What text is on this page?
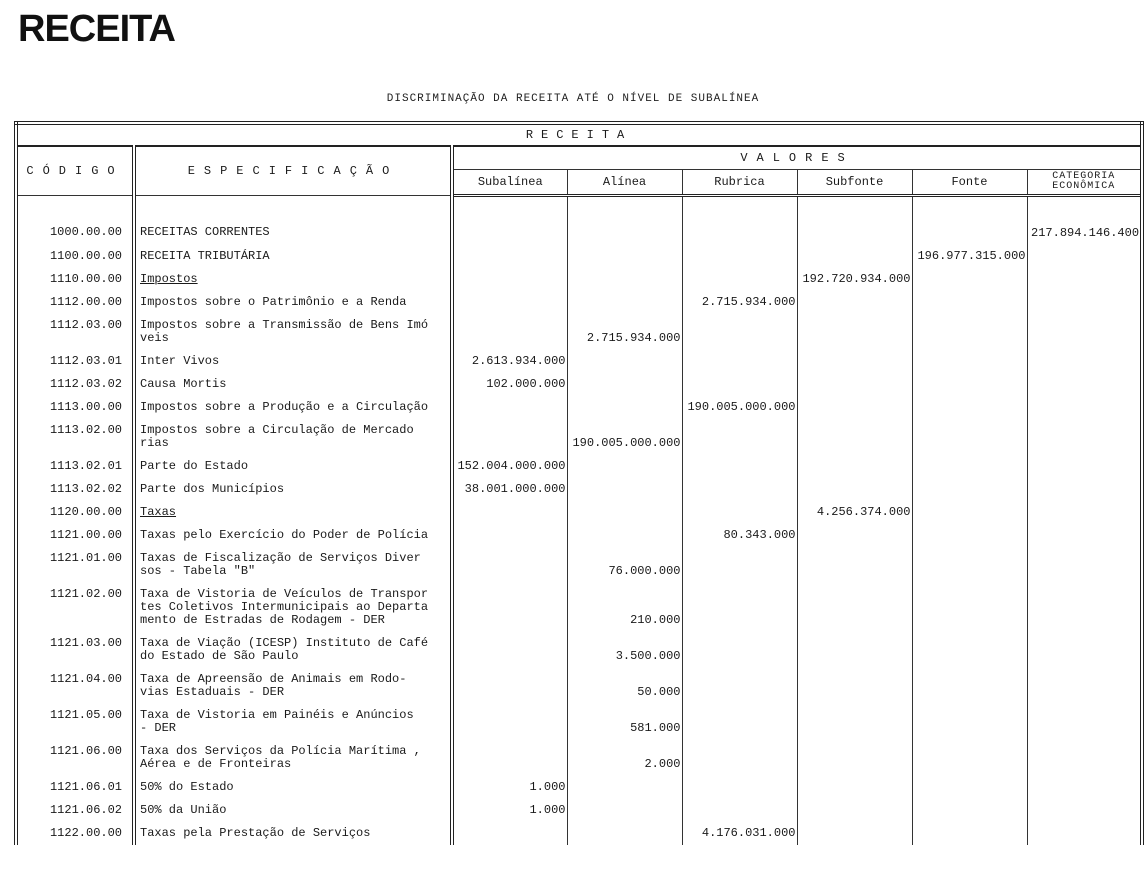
RECEITA
DISCRIMINAÇÃO DA RECEITA ATÉ O NÍVEL DE SUBALÍNEA
RECEITA							
CÓDIGO	ESPECIFICAÇÃO	VALORES					
		Subalínea	Alínea	Rubrica	Subfonte	Fonte	CATEGORIA ECONÔMICA
1000.00.00	RECEITAS CORRENTES						217.894.146.400
1100.00.00	RECEITA TRIBUTÁRIA					196.977.315.000	
1110.00.00	Impostos				192.720.934.000		
1112.00.00	Impostos sobre o Patrimônio e a Renda			2.715.934.000			
1112.03.00	Impostos sobre a Transmissão de Bens Imó
veis		2.715.934.000				
1112.03.01	Inter Vivos	2.613.934.000					
1112.03.02	Causa Mortis	102.000.000					
1113.00.00	Impostos sobre a Produção e a Circulação			190.005.000.000			
1113.02.00	Impostos sobre a Circulação de Mercado
rias		190.005.000.000				
1113.02.01	Parte do Estado	152.004.000.000					
1113.02.02	Parte dos Municípios	38.001.000.000					
1120.00.00	Taxas				4.256.374.000		
1121.00.00	Taxas pelo Exercício do Poder de Polícia			80.343.000			
1121.01.00	Taxas de Fiscalização de Serviços Diver
sos - Tabela "B"		76.000.000				
1121.02.00	Taxa de Vistoria de Veículos de Transpor
tes Coletivos Intermunicipais ao Departa
mento de Estradas de Rodagem - DER		210.000				
1121.03.00	Taxa de Viação (ICESP) Instituto de Café
do Estado de São Paulo		3.500.000				
1121.04.00	Taxa de Apreensão de Animais em Rodo-
vias Estaduais - DER		50.000				
1121.05.00	Taxa de Vistoria em Painéis e Anúncios
- DER		581.000				
1121.06.00	Taxa dos Serviços da Polícia Marítima ,
Aérea e de Fronteiras		2.000				
1121.06.01	50% do Estado	1.000					
1121.06.02	50% da União	1.000					
1122.00.00	Taxas pela Prestação de Serviços			4.176.031.000			
